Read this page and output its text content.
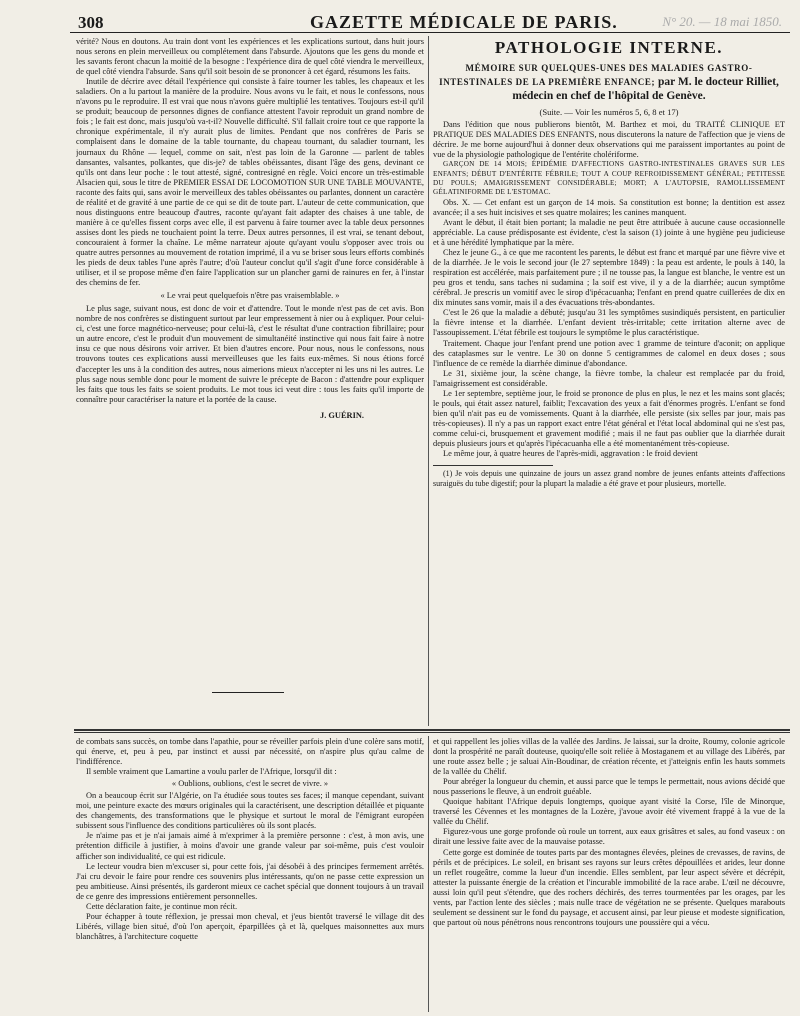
308	GAZETTE MÉDICALE DE PARIS.	N° 20. — 18 mai 1850.

vérité? Nous en doutons. Au train dont vont les expériences et les explications surtout, dans huit jours nous serons en plein merveilleux ou complétement dans l'absurde. Ajoutons que les gens du monde et les savants feront chacun la moitié de la besogne : l'expérience dira de quel côté viendra le merveilleux, de quel côté viendra l'absurde. Sans qu'il soit besoin de se prononcer à cet égard, résumons les faits.

Inutile de décrire avec détail l'expérience qui consiste à faire tourner les tables, les chapeaux et les saladiers. On a lu partout la manière de la produire. Nous avons vu le fait, et nous le confessons, nous n'avons pu le reproduire. Il est vrai que nous n'avons guère multiplié les tentatives. Toujours est-il qu'il se produit; beaucoup de personnes dignes de confiance attestent l'avoir reproduit un grand nombre de fois ; le fait est donc, mais jusqu'où va-t-il? Nouvelle difficulté. S'il fallait croire tout ce que rapporte la chronique expérimentale, il n'y aurait plus de limites. Pendant que nos confrères de Paris se complaisent dans le domaine de la table tournante, du chapeau tournant, du saladier tournant, les journaux du Rhône — lequel, comme on sait, n'est pas loin de la Garonne — parlent de tables dansantes, valsantes, polkantes, que dis-je? de tables obéissantes, disant l'âge des gens, devinant ce qu'ils ont dans leur poche : le tout attesté, signé, contresigné en règle. Voici encore un très-estimable Alsacien qui, sous le titre de PREMIER ESSAI DE LOCOMOTION SUR UNE TABLE MOUVANTE, raconte des faits qui, sans avoir le merveilleux des tables obéissantes ou parlantes, donnent un caractère de réalité et de gravité à une partie de ce qui se dit de toute part. L'auteur de cette communication, que nous distinguons entre beaucoup d'autres, raconte qu'ayant fait adapter des chaises à une table, de manière à ce qu'elles fissent corps avec elle, il est parvenu à faire tourner avec la table deux personnes assises dont les pieds ne touchaient point la terre. Deux autres personnes, il est vrai, se tenant debout, concouraient à former la chaîne. Le même narrateur ajoute qu'ayant voulu s'opposer avec trois ou quatre autres personnes au mouvement de rotation imprimé, il a vu se briser sous leurs efforts combinés les pieds de deux tables l'une après l'autre; d'où l'auteur conclut qu'il s'agit d'une force considérable à utiliser, et il se propose même d'en faire l'application sur un plancher garni de rainures en fer, à l'instar des chemins de fer.

« Le vrai peut quelquefois n'être pas vraisemblable. »

Le plus sage, suivant nous, est donc de voir et d'attendre. Tout le monde n'est pas de cet avis. Bon nombre de nos confrères se distinguent surtout par leur empressement à nier ou à expliquer. Pour celui-ci, c'est une force magnético-nerveuse; pour celui-là, c'est le résultat d'une contraction fibrillaire; pour un autre encore, c'est le produit d'un mouvement de simultanéité instinctive qui nous fait faire à notre insu ce que nous désirons voir arriver. Et bien d'autres encore. Pour nous, nous le confessons, nous trouvons toutes ces explications aussi merveilleuses que les faits eux-mêmes. Si nous étions forcé d'accepter les uns à la condition des autres, nous aimerions mieux n'accepter ni les uns ni les autres. Le plus sage nous semble donc pour le moment de suivre le précepte de Bacon : d'attendre pour expliquer les faits que tous les faits se soient produits. Le mot tous ici veut dire : tous les faits qu'il importe de connaître pour caractériser la nature et la portée de la cause.

J. GUÉRIN.
PATHOLOGIE INTERNE.
MÉMOIRE SUR QUELQUES-UNES DES MALADIES GASTRO-INTESTINALES DE LA PREMIÈRE ENFANCE; par M. le docteur Rilliet, médecin en chef de l'hôpital de Genève.
(Suite. — Voir les numéros 5, 6, 8 et 17)

Dans l'édition que nous publierons bientôt, M. Barthez et moi, du TRAITÉ CLINIQUE ET PRATIQUE DES MALADIES DES ENFANTS, nous discuterons la nature de l'affection que je viens de décrire. Je me borne aujourd'hui à donner deux observations qui me paraissent importantes au point de vue de la physiologie pathologique de l'entérite cholériforme.

GARÇON DE 14 MOIS; ÉPIDÉMIE D'AFFECTIONS GASTRO-INTESTINALES GRAVES SUR LES ENFANTS; DÉBUT D'ENTÉRITE FÉBRILE; TOUT A COUP REFROIDISSEMENT GÉNÉRAL; PETITESSE DU POULS; AMAIGRISSEMENT CONSIDÉRABLE; MORT; A L'AUTOPSIE, RAMOLLISSEMENT GÉLATINIFORME DE L'ESTOMAC.

Obs. X. — Cet enfant est un garçon de 14 mois. Sa constitution est bonne; la dentition est assez avancée; il a ses huit incisives et ses quatre molaires; les canines manquent.

Avant le début, il était bien portant; la maladie ne peut être attribuée à aucune cause occasionnelle appréciable. La cause prédisposante est évidente, c'est la saison (1) jointe à une hygiène peu judicieuse et à une hérédité lymphatique par la mère.

Chez le jeune G., à ce que me racontent les parents, le début est franc et marqué par une fièvre vive et de la diarrhée. Je le vois le second jour (le 27 septembre 1849) : la peau est ardente, le pouls à 140, la respiration est accélérée, mais parfaitement pure ; il ne tousse pas, la langue est blanche, le ventre est un peu gros et tendu, sans taches ni sudamina ; la soif est vive, il y a de la diarrhée; aucun symptôme cérébral. Je prescris un vomitif avec le sirop d'ipécacuanha; l'enfant en prend quatre cuillerées de dix en dix minutes sans vomir, mais il a des évacuations très-abondantes.

C'est le 26 que la maladie a débuté; jusqu'au 31 les symptômes susindiqués persistent, en particulier la fièvre intense et la diarrhée. L'enfant devient très-irritable; cette irritation alterne avec de l'assoupissement. L'état fébrile est toujours le symptôme le plus caractéristique.

Traitement. Chaque jour l'enfant prend une potion avec 1 gramme de teinture d'aconit; on applique des cataplasmes sur le ventre. Le 30 on donne 5 centigrammes de calomel en deux doses ; sous l'influence de ce remède la diarrhée diminue d'abondance.

Le 31, sixième jour, la scène change, la fièvre tombe, la chaleur est remplacée par du froid, l'amaigrissement est considérable.

Le 1er septembre, septième jour, le froid se prononce de plus en plus, le nez et les mains sont glacés; le pouls, qui était assez naturel, faiblit; l'excavation des yeux a fait d'énormes progrès. L'enfant se fond bien qu'il n'ait pas eu de vomissements. Quant à la diarrhée, elle persiste (six selles par jour, mais pas très-copieuses). Il n'y a pas un rapport exact entre l'état général et l'état local abdominal qui ne s'est pas, comme celui-ci, brusquement et gravement modifié ; mais il ne faut pas oublier que la diarrhée durait depuis plusieurs jours et qu'après l'ipécacuanha elle a été momentanément très-copieuse.

Le même jour, à quatre heures de l'après-midi, aggravation : le froid devient

(1) Je vois depuis une quinzaine de jours un assez grand nombre de jeunes enfants atteints d'affections suraiguës du tube digestif; pour la plupart la maladie a été grave et pour plusieurs, mortelle.

de combats sans succès, on tombe dans l'apathie, pour se réveiller parfois plein d'une colère sans motif, qui énerve, et, peu à peu, par instinct et aussi par nécessité, on n'aspire plus qu'au calme de l'indifférence.

Il semble vraiment que Lamartine a voulu parler de l'Afrique, lorsqu'il dit :

« Oublions, oublions, c'est le secret de vivre. »

On a beaucoup écrit sur l'Algérie, on l'a étudiée sous toutes ses faces; il manque cependant, suivant moi, une peinture exacte des mœurs originales qui la caractérisent, une description détaillée et piquante des changements, des transformations que le physique et surtout le moral de l'émigrant européen subissent sous l'influence des conditions particulières où ils sont placés.

Je n'aime pas et je n'ai jamais aimé à m'exprimer à la première personne : c'est, à mon avis, une prétention difficile à justifier, à moins d'avoir une grande valeur par soi-même, puis c'est vouloir afficher son individualité, ce qui est ridicule.

Le lecteur voudra bien m'excuser si, pour cette fois, j'ai désobéi à des principes fermement arrêtés. J'ai cru devoir le faire pour rendre ces souvenirs plus intéressants, qu'on ne passe cette expression un peu ambitieuse. Ainsi présentés, ils garderont mieux ce cachet spécial que donnent toujours à un travail de ce genre des impressions entièrement personnelles.

Cette déclaration faite, je continue mon récit.

Pour échapper à toute réflexion, je pressai mon cheval, et j'eus bientôt traversé le village dit des Libérés, village bien situé, d'où l'on aperçoit, éparpillées çà et là, quelques maisonnettes aux murs blanchâtres, à l'architecture coquette

et qui rappellent les jolies villas de la vallée des Jardins. Je laissai, sur la droite, Roumy, colonie agricole dont la prospérité ne paraît douteuse, quoiqu'elle soit reliée à Mostaganem et au village des Libérés, par une route assez belle ; je saluai Aïn-Boudinar, de création récente, et j'atteignis enfin les hauts sommets de la vallée du Chélif.

Pour abréger la longueur du chemin, et aussi parce que le temps le permettait, nous avions décidé que nous passerions le fleuve, à un endroit guéable.

Quoique habitant l'Afrique depuis longtemps, quoique ayant visité la Corse, l'île de Minorque, traversé les Cévennes et les montagnes de la Lozère, j'avoue avoir été vivement frappé à la vue de la vallée du Chélif.

Figurez-vous une gorge profonde où roule un torrent, aux eaux grisâtres et sales, au fond vaseux : on dirait une lessive faite avec de la mauvaise potasse.

Cette gorge est dominée de toutes parts par des montagnes élevées, pleines de crevasses, de ravins, de périls et de précipices. Le soleil, en brisant ses rayons sur leurs crêtes dépouillées et arides, leur donne un reflet rougeâtre, comme la lueur d'un incendie. Elles semblent, par leur aspect sévère et décrépit, attester la puissante énergie de la création et l'incurable immobilité de la race arabe. L'œil ne découvre, aussi loin qu'il peut s'étendre, que des rochers déchirés, des terres tourmentées par les orages, par les vents, par l'action lente des siècles ; mais nulle trace de végétation ne se présente. Quelques marabouts seulement se dessinent sur le fond du paysage, et accusent ainsi, par leur pieuse et modeste signification, que partout où nous pénétrons nous rencontrons toujours une poussière qui a vécu.
